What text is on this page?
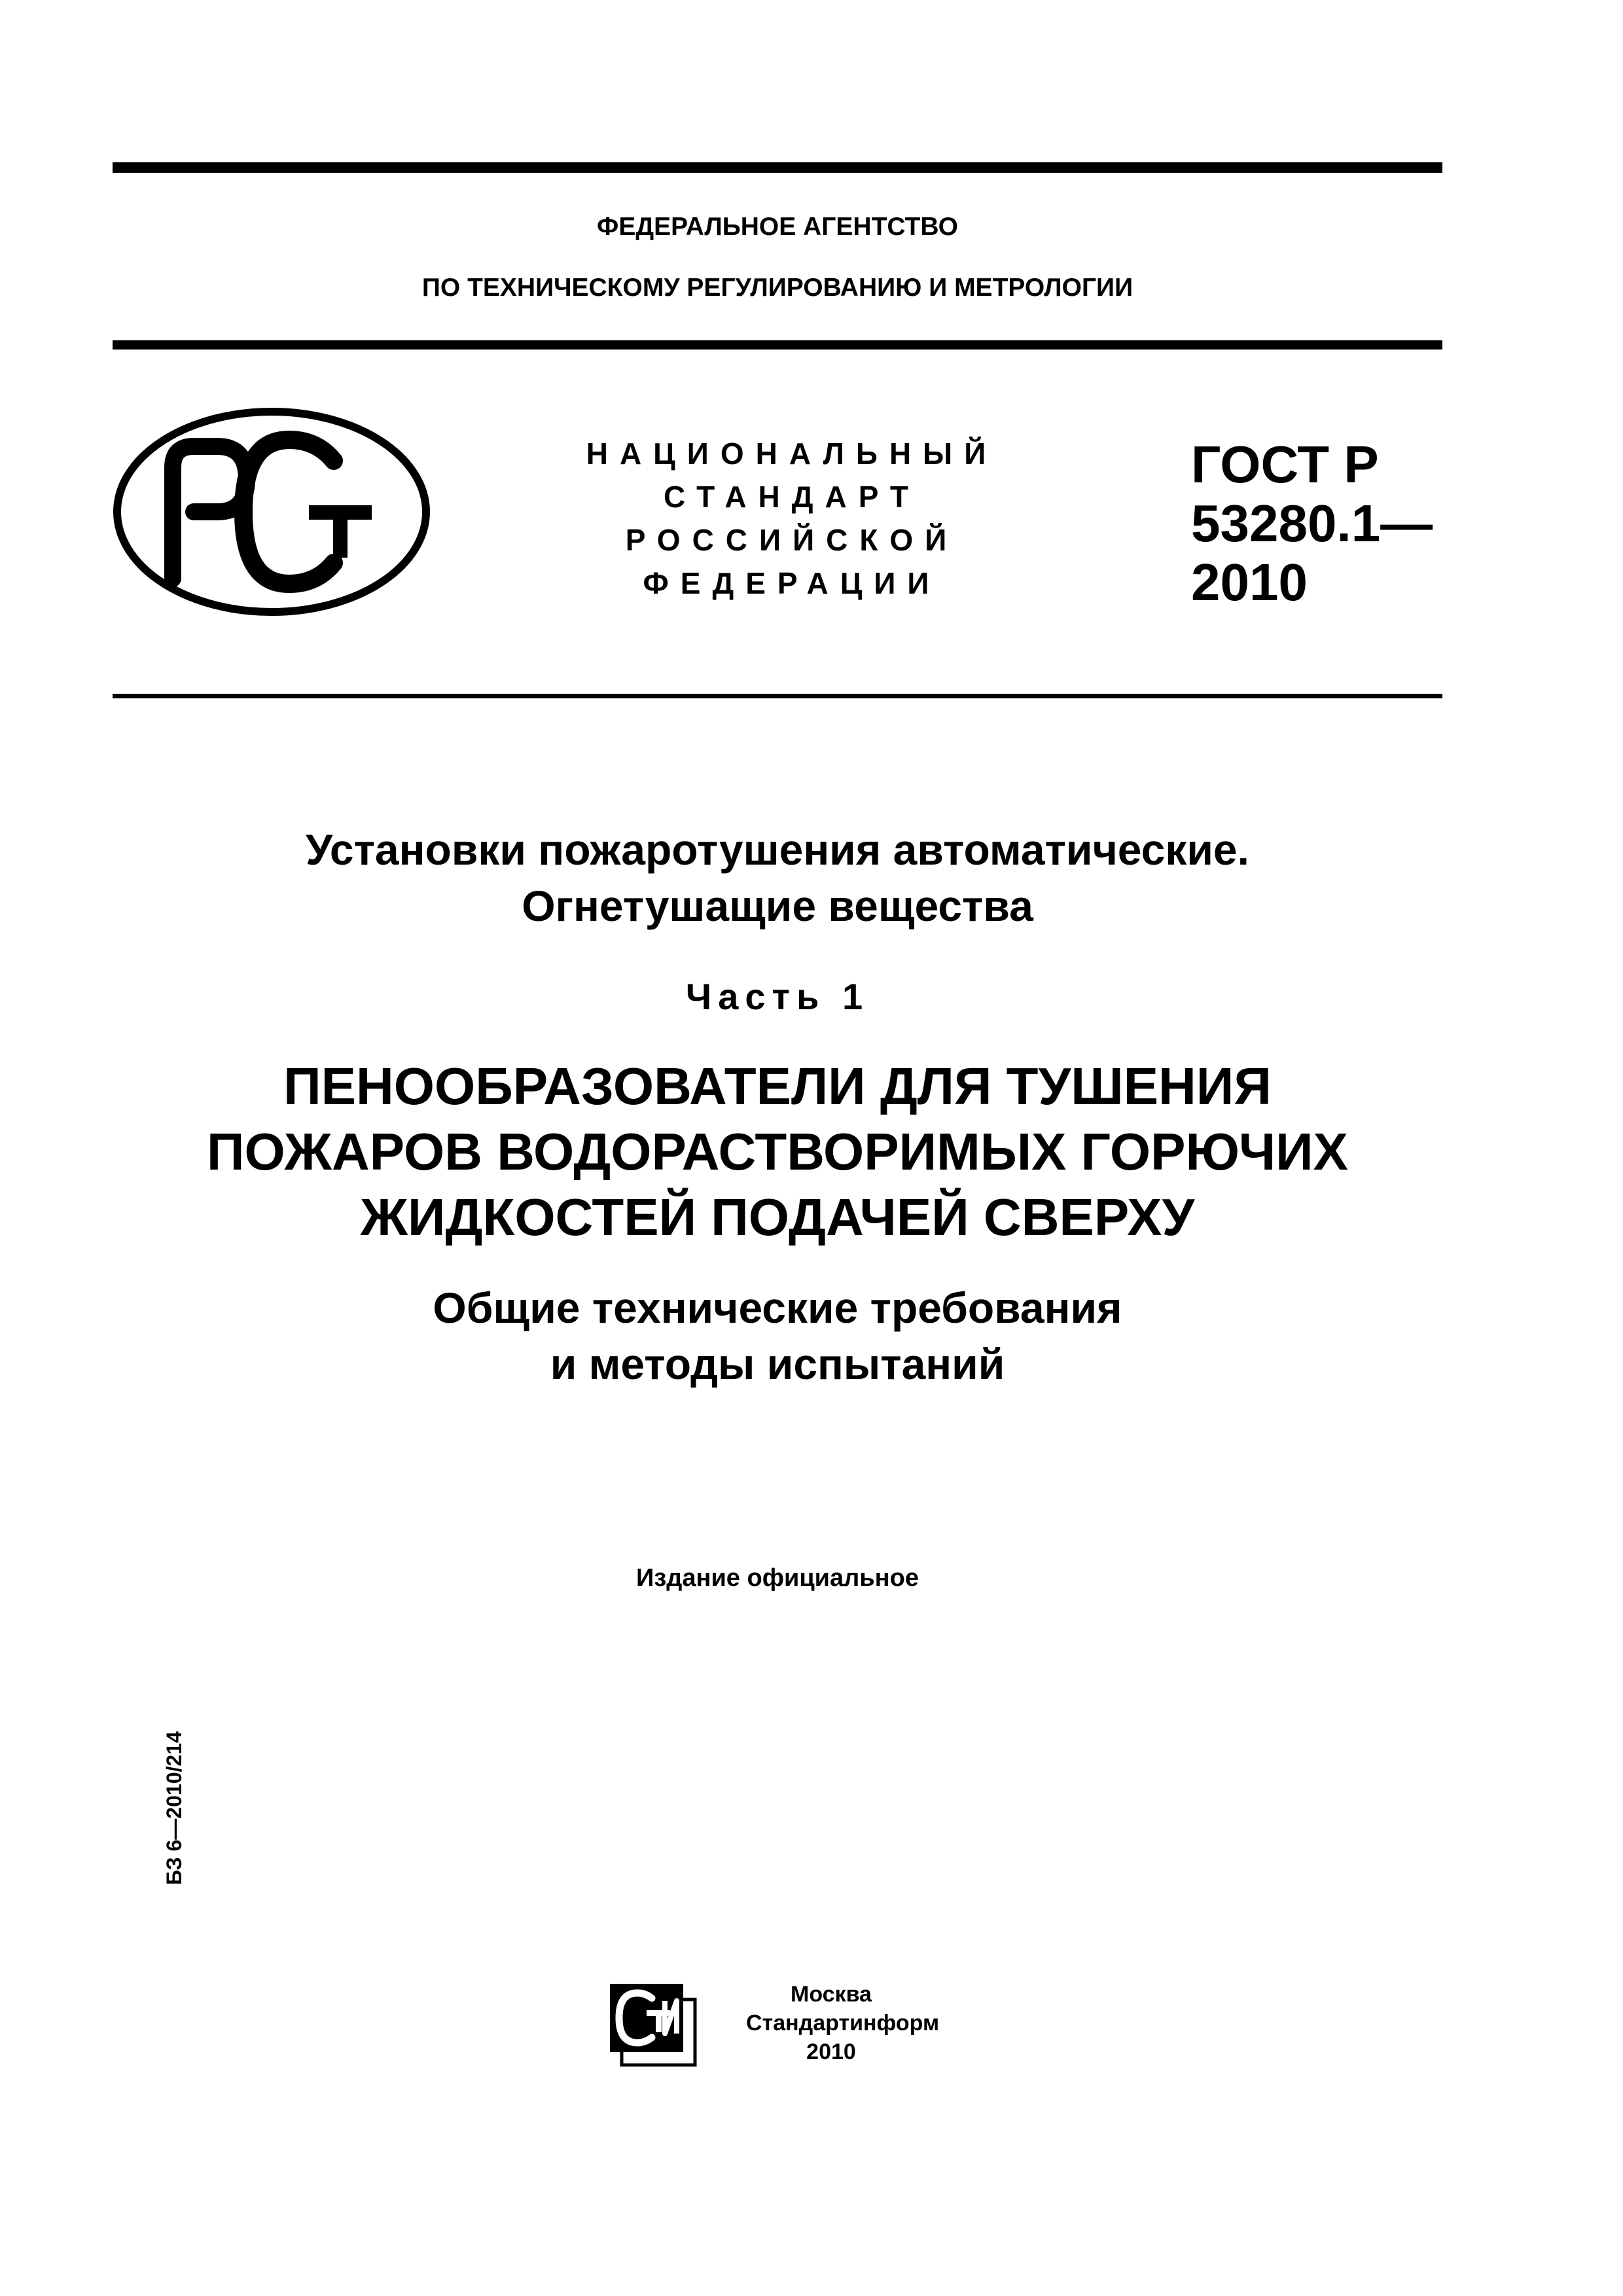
ФЕДЕРАЛЬНОЕ АГЕНТСТВО
ПО ТЕХНИЧЕСКОМУ РЕГУЛИРОВАНИЮ И МЕТРОЛОГИИ
НАЦИОНАЛЬНЫЙ
СТАНДАРТ
РОССИЙСКОЙ
ФЕДЕРАЦИИ
ГОСТ Р
53280.1—
2010
Установки пожаротушения автоматические.
Огнетушащие вещества
Часть 1
ПЕНООБРАЗОВАТЕЛИ ДЛЯ ТУШЕНИЯ
ПОЖАРОВ ВОДОРАСТВОРИМЫХ ГОРЮЧИХ
ЖИДКОСТЕЙ ПОДАЧЕЙ СВЕРХУ
Общие технические требования
и методы испытаний
Издание официальное
БЗ 6—2010/214
Москва
Стандартинформ
2010
